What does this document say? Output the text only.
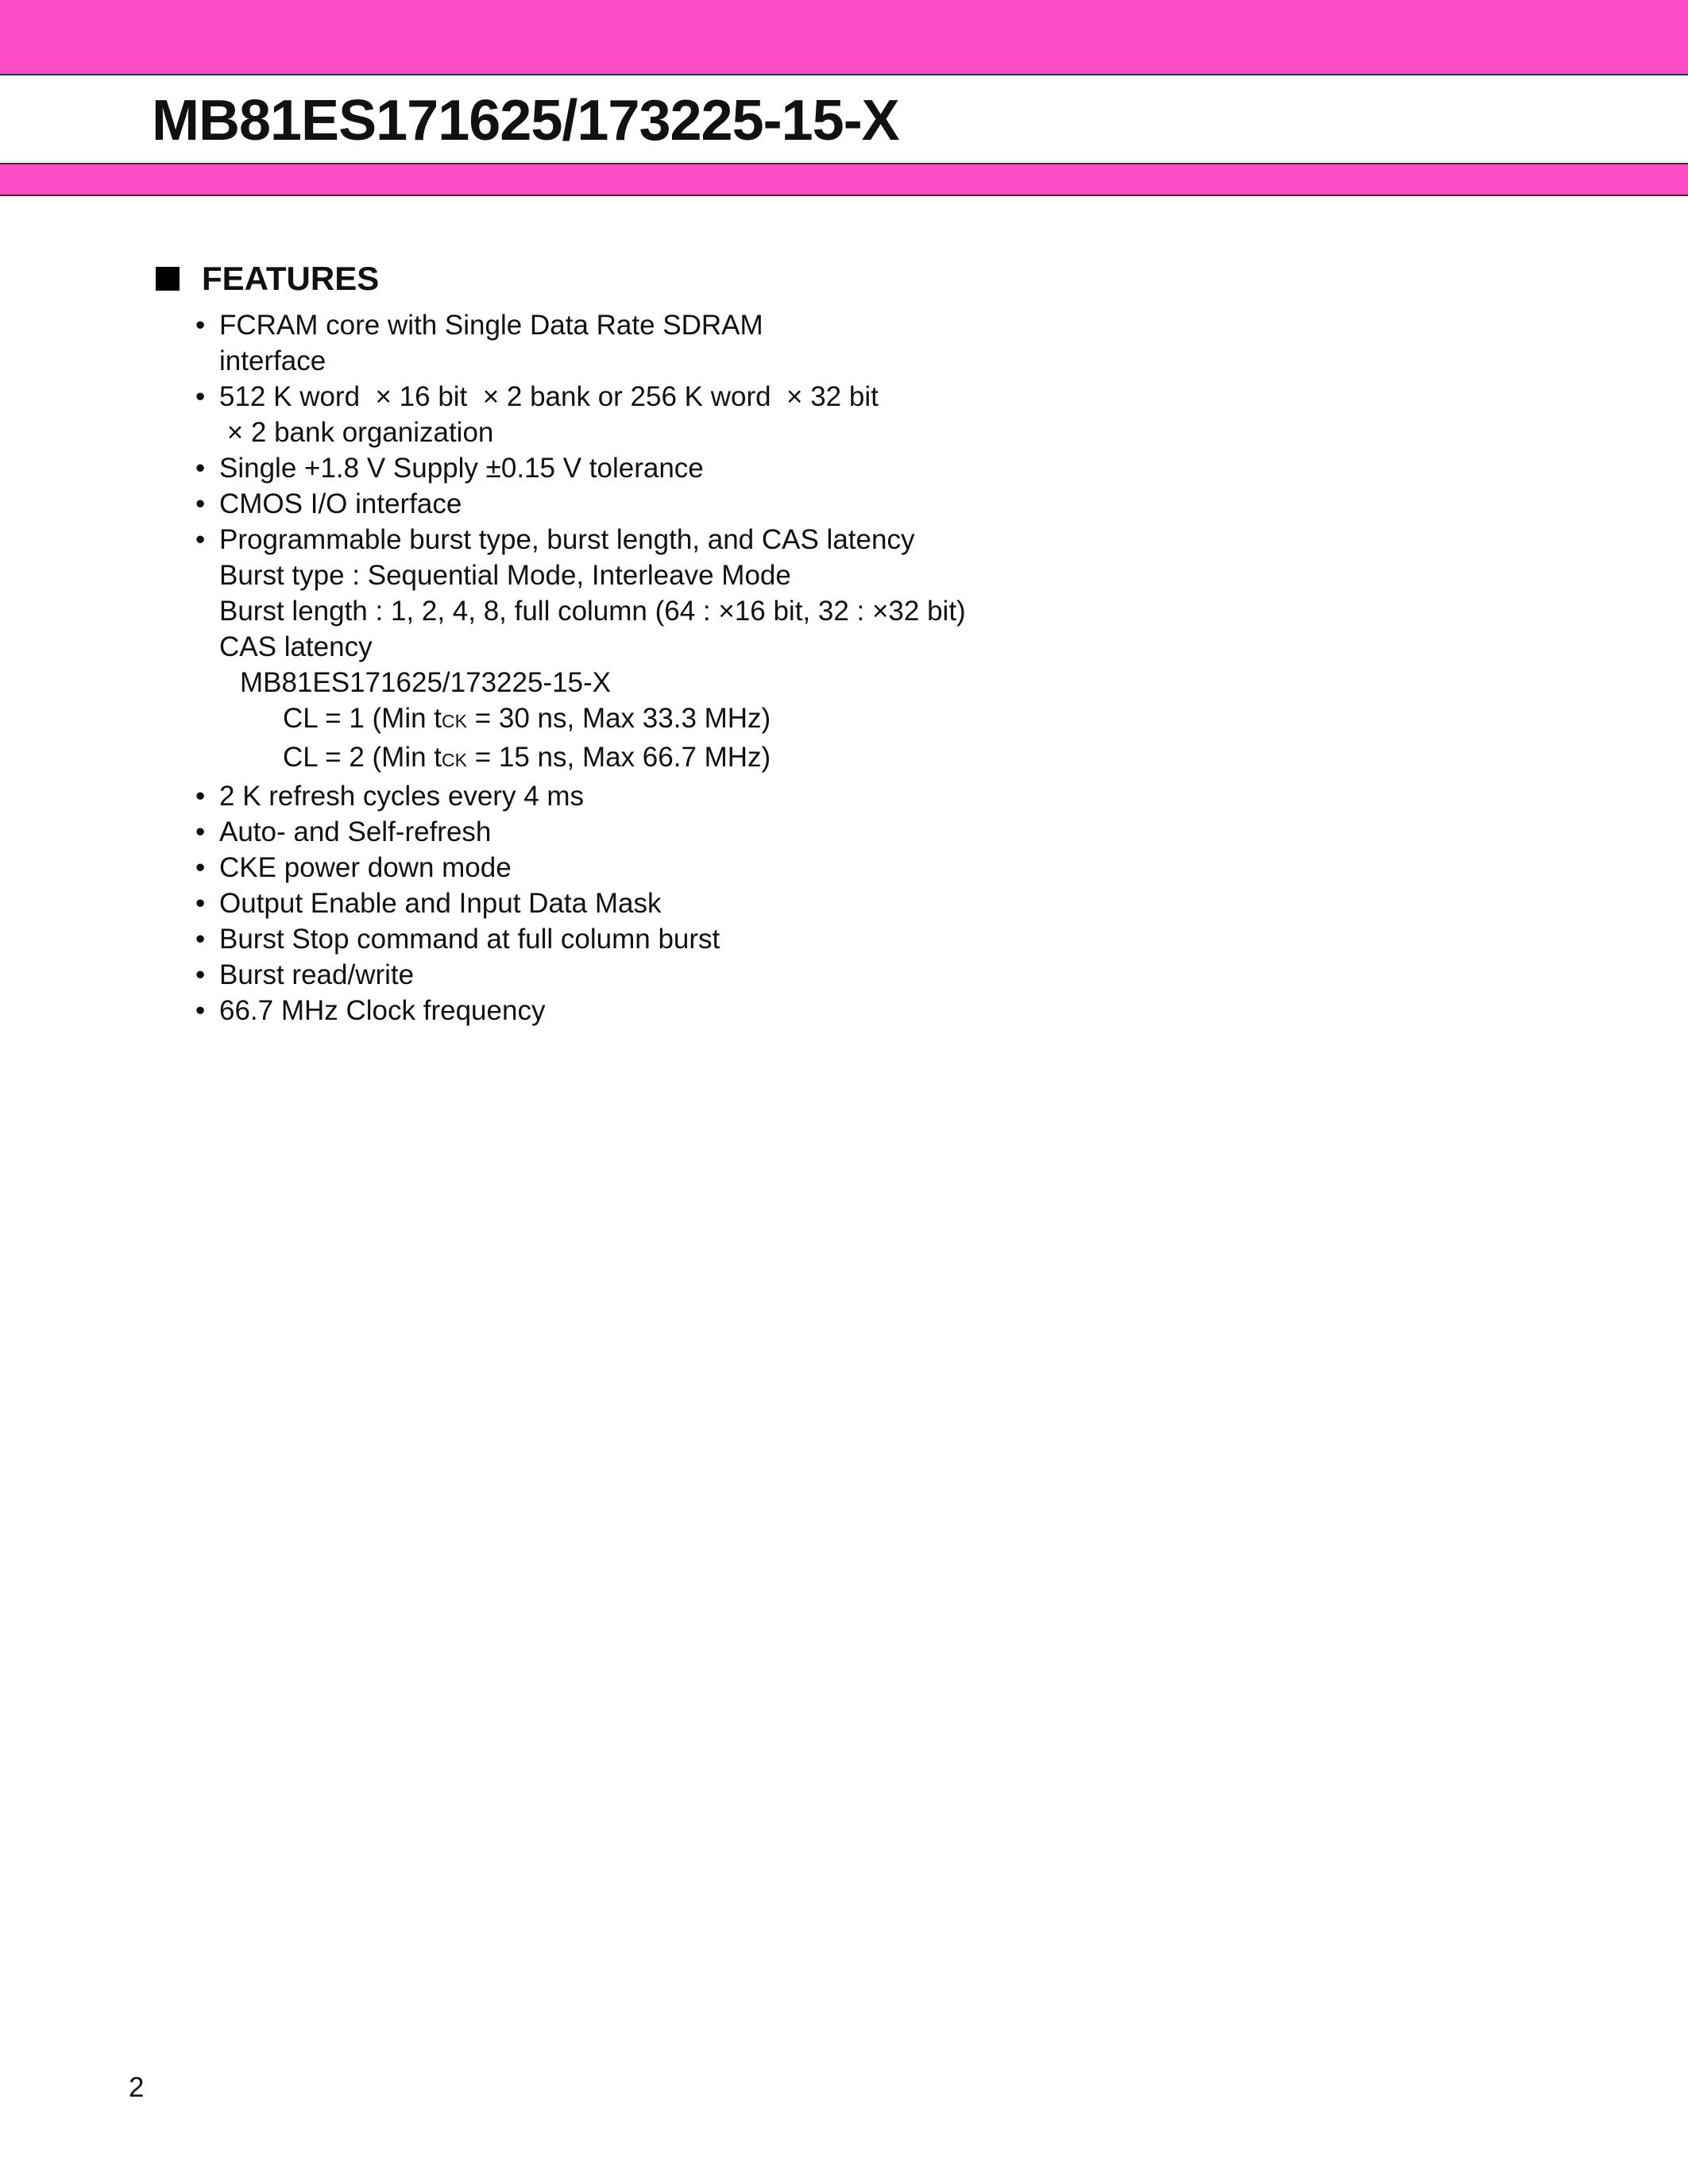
MB81ES171625/173225-15-X
FEATURES
• FCRAM core with Single Data Rate SDRAM
interface
• 512 K word  × 16 bit  × 2 bank or 256 K word  × 32 bit
× 2 bank organization
• Single +1.8 V Supply ±0.15 V tolerance
• CMOS I/O interface
• Programmable burst type, burst length, and CAS latency
Burst type : Sequential Mode, Interleave Mode
Burst length : 1, 2, 4, 8, full column (64 : ×16 bit, 32 : ×32 bit)
CAS latency
MB81ES171625/173225-15-X
CL = 1 (Min tCK = 30 ns, Max 33.3 MHz)
CL = 2 (Min tCK = 15 ns, Max 66.7 MHz)
• 2 K refresh cycles every 4 ms
• Auto- and Self-refresh
• CKE power down mode
• Output Enable and Input Data Mask
• Burst Stop command at full column burst
• Burst read/write
• 66.7 MHz Clock frequency
2
